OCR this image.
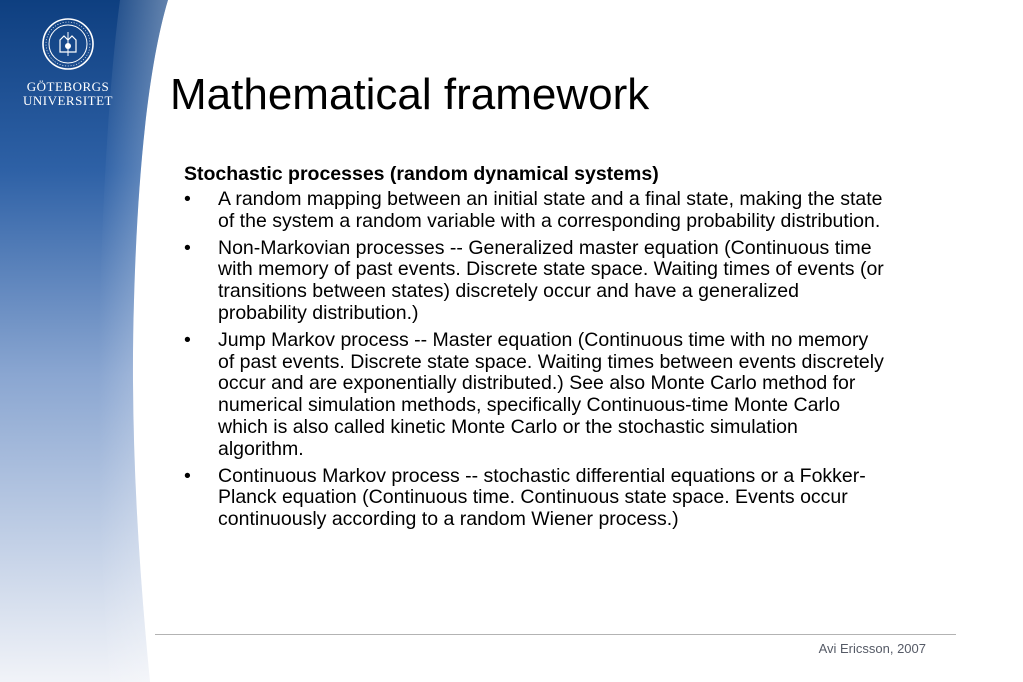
GÖTEBORGS
UNIVERSITET Mathematical framework
Stochastic processes (random dynamical systems)
• A random mapping between an initial state and a final state, making the state of the system a random variable with a corresponding probability distribution.
• Non-Markovian processes -- Generalized master equation (Continuous time with memory of past events. Discrete state space. Waiting times of events (or transitions between states) discretely occur and have a generalized probability distribution.)
• Jump Markov process -- Master equation (Continuous time with no memory of past events. Discrete state space. Waiting times between events discretely occur and are exponentially distributed.) See also Monte Carlo method for numerical simulation methods, specifically Continuous-time Monte Carlo which is also called kinetic Monte Carlo or the stochastic simulation algorithm.
• Continuous Markov process -- stochastic differential equations or a Fokker-Planck equation (Continuous time. Continuous state space. Events occur continuously according to a random Wiener process.)
Avi Ericsson, 2007
